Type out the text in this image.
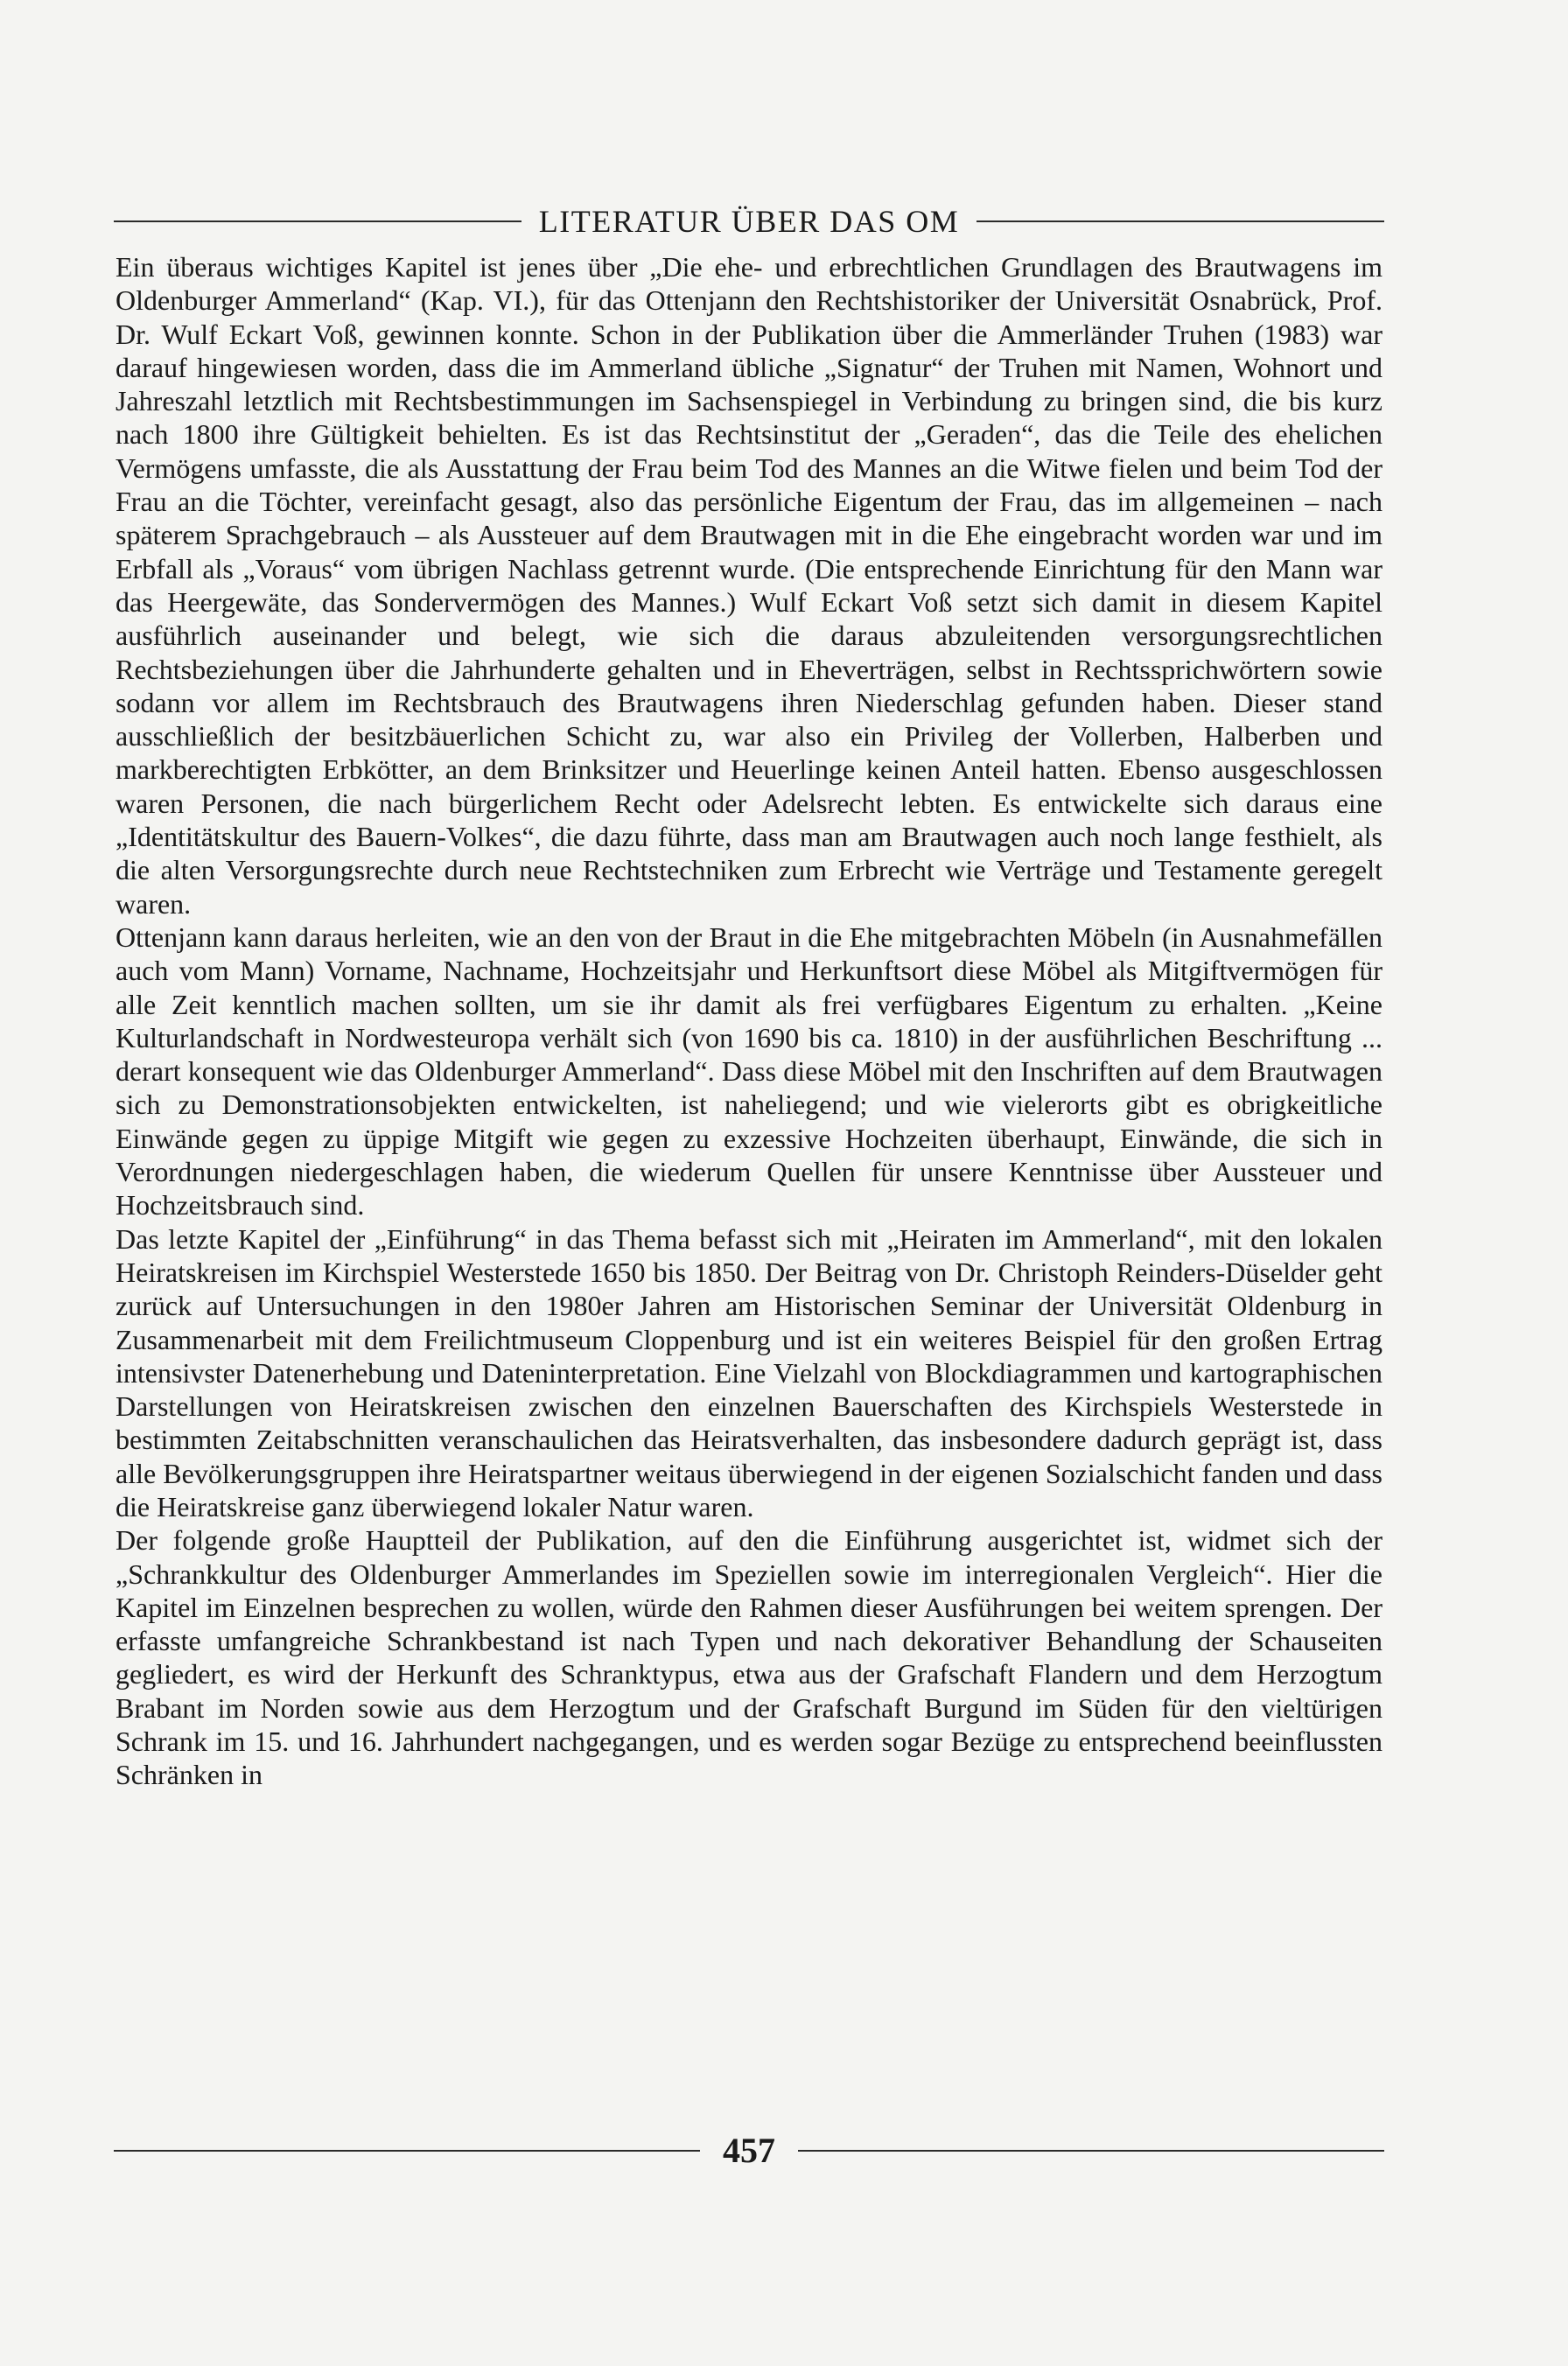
LITERATUR ÜBER DAS OM

Ein überaus wichtiges Kapitel ist jenes über „Die ehe- und erbrechtlichen Grundlagen des Brautwagens im Oldenburger Ammerland“ (Kap. VI.), für das Ottenjann den Rechtshistoriker der Universität Osnabrück, Prof. Dr. Wulf Eckart Voß, gewinnen konnte. Schon in der Publikation über die Ammerländer Truhen (1983) war darauf hingewiesen worden, dass die im Ammerland übliche „Signatur“ der Truhen mit Namen, Wohnort und Jahreszahl letztlich mit Rechtsbestimmungen im Sachsenspiegel in Verbindung zu bringen sind, die bis kurz nach 1800 ihre Gültigkeit behielten. Es ist das Rechtsinstitut der „Geraden“, das die Teile des ehelichen Vermögens umfasste, die als Ausstattung der Frau beim Tod des Mannes an die Witwe fielen und beim Tod der Frau an die Töchter, vereinfacht gesagt, also das persönliche Eigentum der Frau, das im allgemeinen – nach späterem Sprachgebrauch – als Aussteuer auf dem Brautwagen mit in die Ehe eingebracht worden war und im Erbfall als „Voraus“ vom übrigen Nachlass getrennt wurde. (Die entsprechende Einrichtung für den Mann war das Heergewäte, das Sondervermögen des Mannes.) Wulf Eckart Voß setzt sich damit in diesem Kapitel ausführlich auseinander und belegt, wie sich die daraus abzuleitenden versorgungsrechtlichen Rechtsbeziehungen über die Jahrhunderte gehalten und in Eheverträgen, selbst in Rechtssprichwörtern sowie sodann vor allem im Rechtsbrauch des Brautwagens ihren Niederschlag gefunden haben. Dieser stand ausschließlich der besitzbäuerlichen Schicht zu, war also ein Privileg der Vollerben, Halberben und markberechtigten Erbkötter, an dem Brinksitzer und Heuerlinge keinen Anteil hatten. Ebenso ausgeschlossen waren Personen, die nach bürgerlichem Recht oder Adelsrecht lebten. Es entwickelte sich daraus eine „Identitätskultur des Bauern-Volkes“, die dazu führte, dass man am Brautwagen auch noch lange festhielt, als die alten Versorgungsrechte durch neue Rechtstechniken zum Erbrecht wie Verträge und Testamente geregelt waren.

Ottenjann kann daraus herleiten, wie an den von der Braut in die Ehe mitgebrachten Möbeln (in Ausnahmefällen auch vom Mann) Vorname, Nachname, Hochzeitsjahr und Herkunftsort diese Möbel als Mitgiftvermögen für alle Zeit kenntlich machen sollten, um sie ihr damit als frei verfügbares Eigentum zu erhalten. „Keine Kulturlandschaft in Nordwesteuropa verhält sich (von 1690 bis ca. 1810) in der ausführlichen Beschriftung ... derart konsequent wie das Oldenburger Ammerland“. Dass diese Möbel mit den Inschriften auf dem Brautwagen sich zu Demonstrationsobjekten entwickelten, ist naheliegend; und wie vielerorts gibt es obrigkeitliche Einwände gegen zu üppige Mitgift wie gegen zu exzessive Hochzeiten überhaupt, Einwände, die sich in Verordnungen niedergeschlagen haben, die wiederum Quellen für unsere Kenntnisse über Aussteuer und Hochzeitsbrauch sind.

Das letzte Kapitel der „Einführung“ in das Thema befasst sich mit „Heiraten im Ammerland“, mit den lokalen Heiratskreisen im Kirchspiel Westerstede 1650 bis 1850. Der Beitrag von Dr. Christoph Reinders-Düselder geht zurück auf Untersuchungen in den 1980er Jahren am Historischen Seminar der Universität Oldenburg in Zusammenarbeit mit dem Freilichtmuseum Cloppenburg und ist ein weiteres Beispiel für den großen Ertrag intensivster Datenerhebung und Dateninterpretation. Eine Vielzahl von Blockdiagrammen und kartographischen Darstellungen von Heiratskreisen zwischen den einzelnen Bauerschaften des Kirchspiels Westerstede in bestimmten Zeitabschnitten veranschaulichen das Heiratsverhalten, das insbesondere dadurch geprägt ist, dass alle Bevölkerungsgruppen ihre Heiratspartner weitaus überwiegend in der eigenen Sozialschicht fanden und dass die Heiratskreise ganz überwiegend lokaler Natur waren.

Der folgende große Hauptteil der Publikation, auf den die Einführung ausgerichtet ist, widmet sich der „Schrankkultur des Oldenburger Ammerlandes im Speziellen sowie im interregionalen Vergleich“. Hier die Kapitel im Einzelnen besprechen zu wollen, würde den Rahmen dieser Ausführungen bei weitem sprengen. Der erfasste umfangreiche Schrankbestand ist nach Typen und nach dekorativer Behandlung der Schauseiten gegliedert, es wird der Herkunft des Schranktypus, etwa aus der Grafschaft Flandern und dem Herzogtum Brabant im Norden sowie aus dem Herzogtum und der Grafschaft Burgund im Süden für den vieltürigen Schrank im 15. und 16. Jahrhundert nachgegangen, und es werden sogar Bezüge zu entsprechend beeinflussten Schränken in

457
